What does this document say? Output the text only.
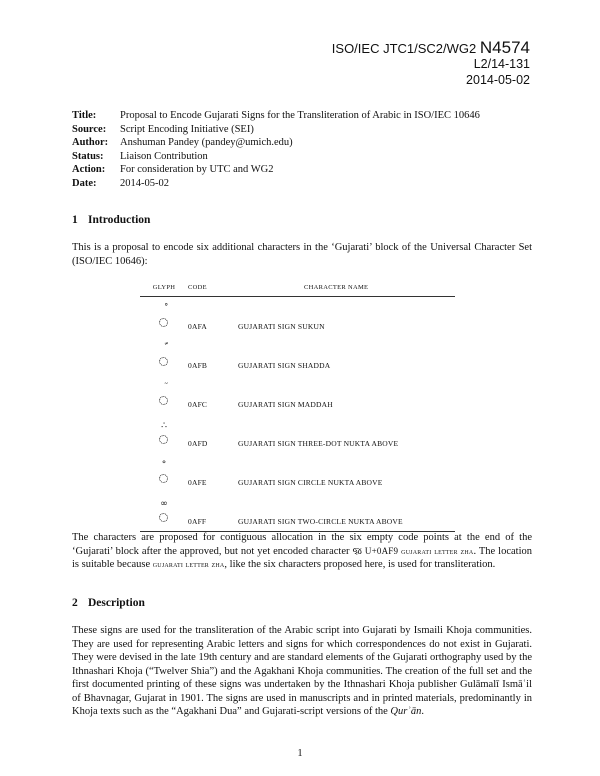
ISO/IEC JTC1/SC2/WG2 N4574
L2/14-131
2014-05-02
Title:	Proposal to Encode Gujarati Signs for the Transliteration of Arabic in ISO/IEC 10646
Source:	Script Encoding Initiative (SEI)
Author:	Anshuman Pandey (pandey@umich.edu)
Status:	Liaison Contribution
Action:	For consideration by UTC and WG2
Date:	2014-05-02
1 Introduction

This is a proposal to encode six additional characters in the ‘Gujarati’ block of the Universal Character Set (ISO/IEC 10646):

GLYPH	CODE	CHARACTER NAME

	0AFA	GUJARATI SIGN SUKUN

	0AFB	GUJARATI SIGN SHADDA

	0AFC	GUJARATI SIGN MADDAH

∴	0AFD	GUJARATI SIGN THREE-DOT NUKTA ABOVE

°	0AFE	GUJARATI SIGN CIRCLE NUKTA ABOVE

∞	0AFF	GUJARATI SIGN TWO-CIRCLE NUKTA ABOVE

The characters are proposed for contiguous allocation in the six empty code points at the end of the ‘Gujarati’ block after the approved, but not yet encoded character ૹ U+0AF9 gujarati letter zha. The location is suitable because gujarati letter zha, like the six characters proposed here, is used for transliteration.

2 Description

These signs are used for the transliteration of the Arabic script into Gujarati by Ismaili Khoja communities. They are used for representing Arabic letters and signs for which correspondences do not exist in Gujarati. They were devised in the late 19th century and are standard elements of the Gujarati orthography used by the Ithnashari Khoja (“Twelver Shia”) and the Agakhani Khoja communities. The creation of the full set and the first documented printing of these signs was undertaken by the Ithnashari Khoja publisher Gulāmalī Ismāʿil of Bhavnagar, Gujarat in 1901. The signs are used in manuscripts and in printed materials, predominantly in Khoja texts such as the “Agakhani Dua” and Gujarati-script versions of the Qurʾān.

1
